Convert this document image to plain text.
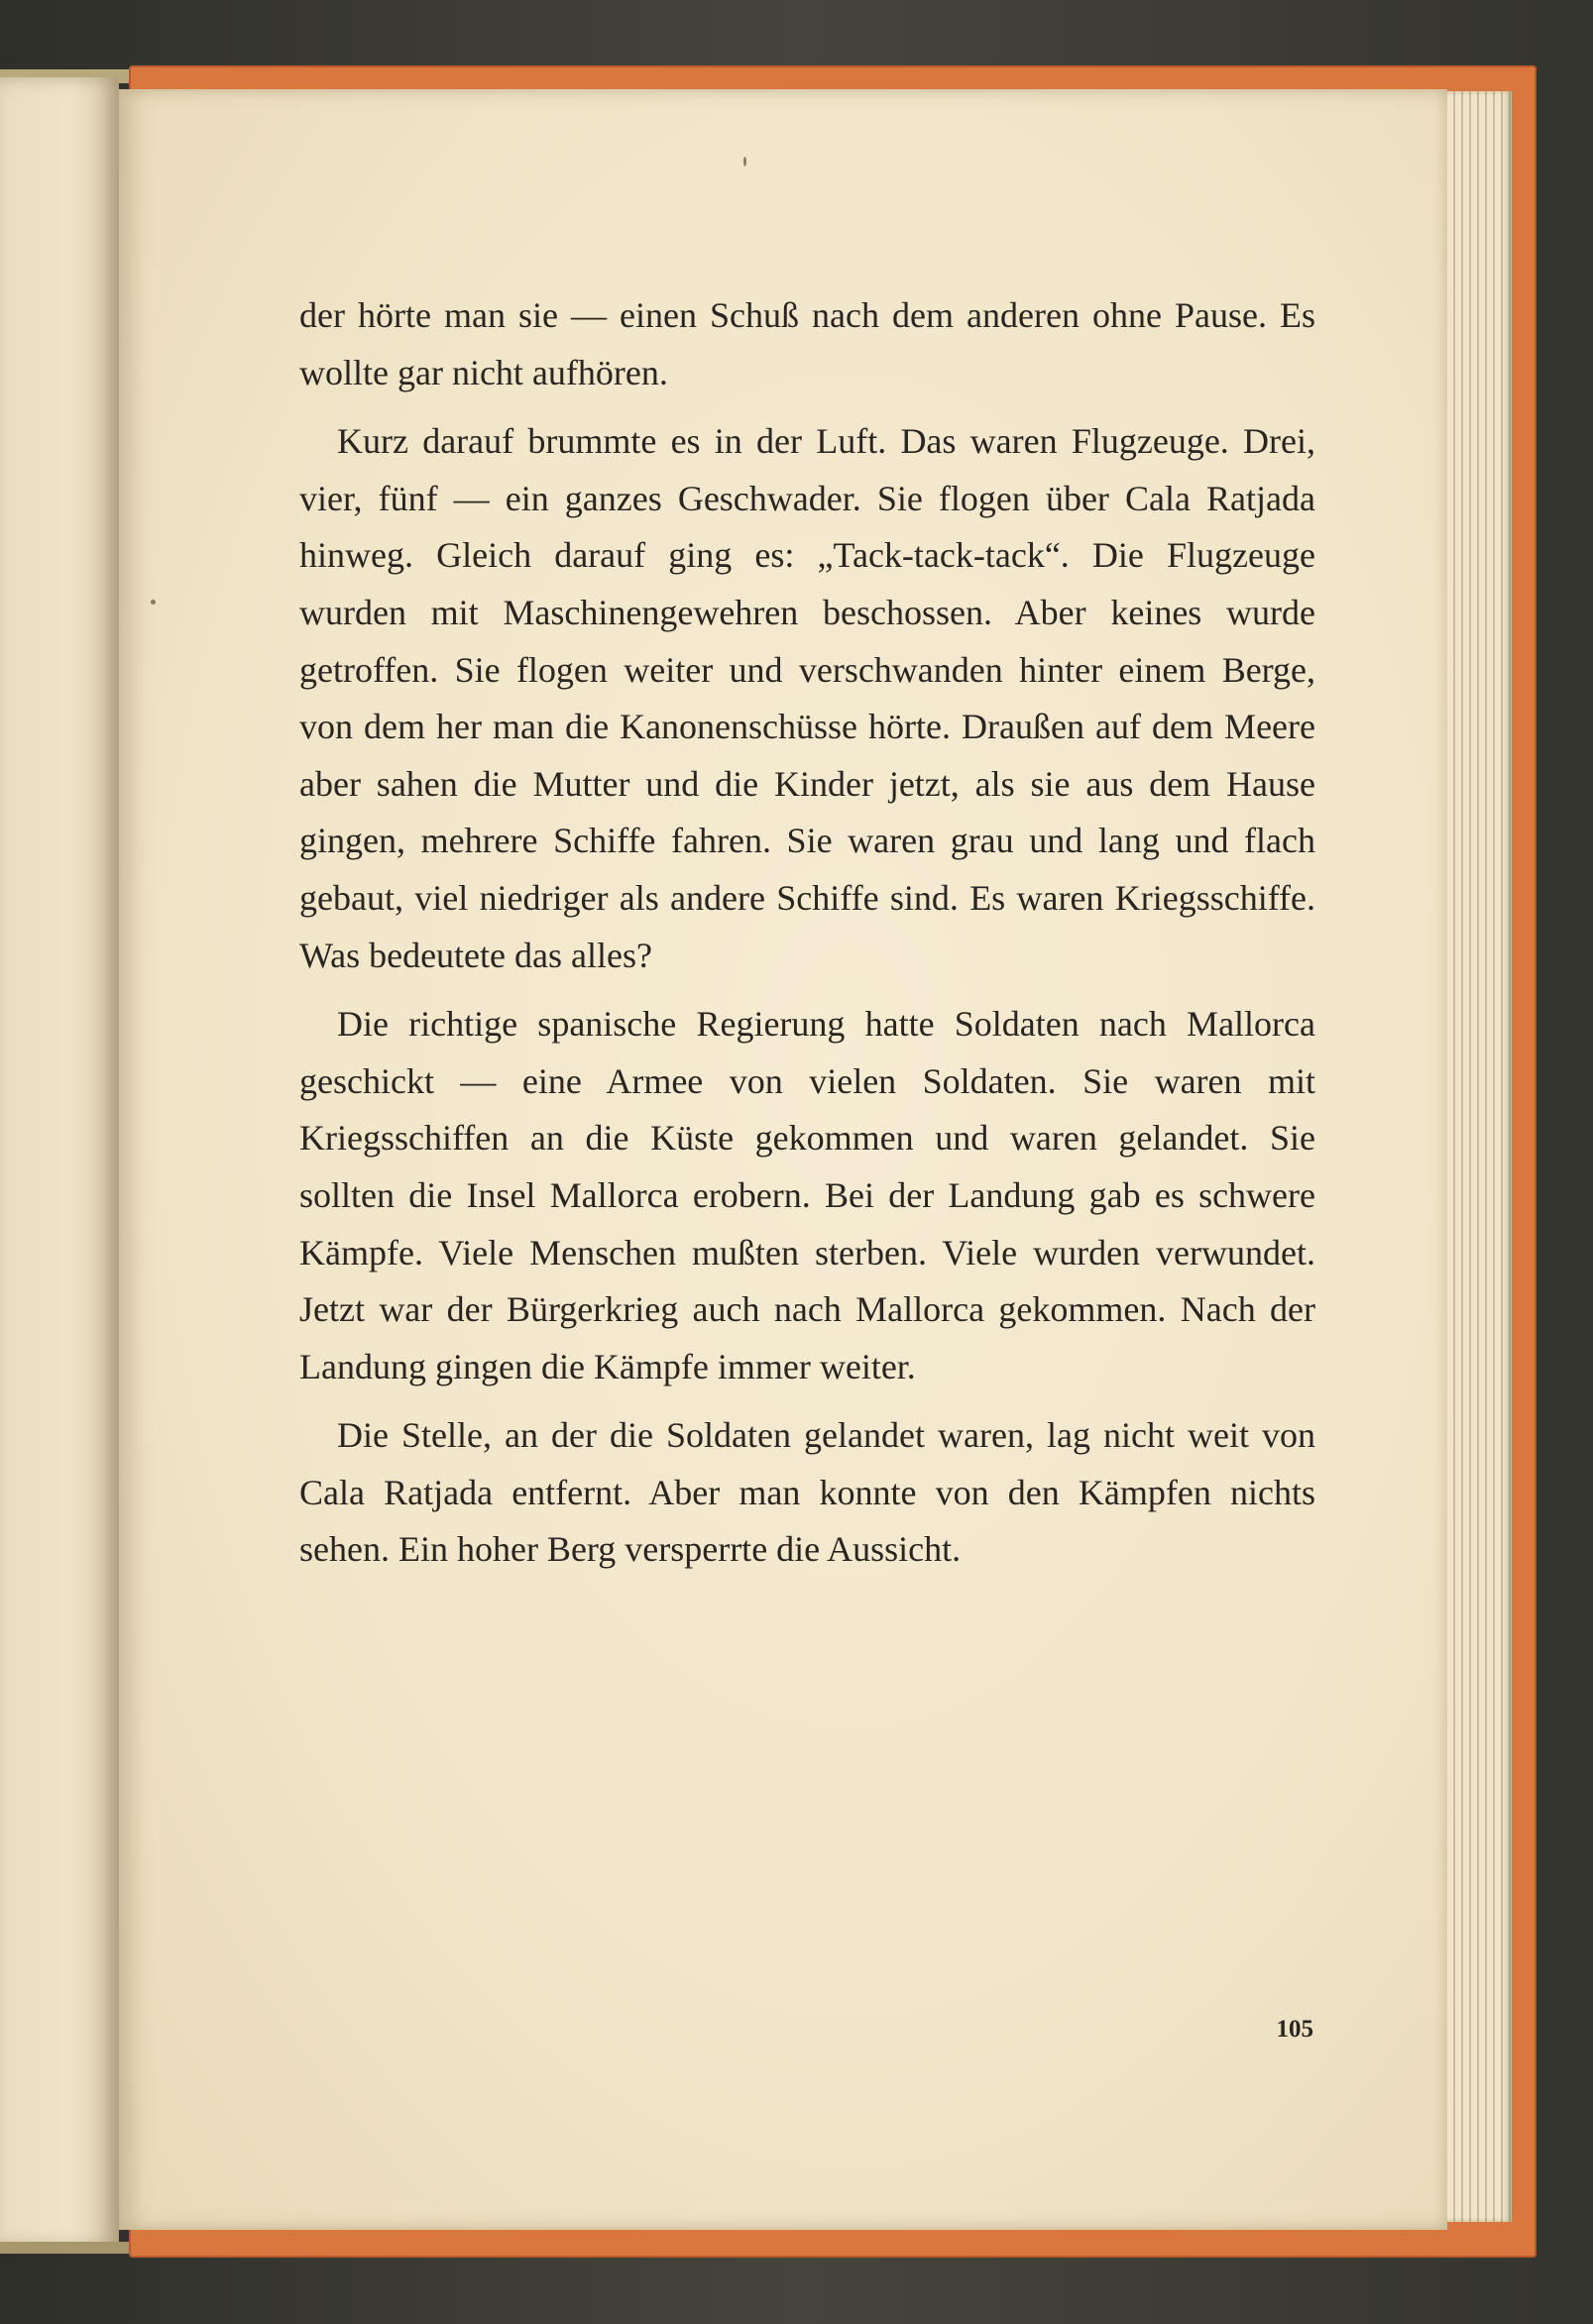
der hörte man sie — einen Schuß nach dem anderen ohne Pause. Es wollte gar nicht aufhören.

Kurz darauf brummte es in der Luft. Das waren Flugzeuge. Drei, vier, fünf — ein ganzes Geschwader. Sie flogen über Cala Ratjada hinweg. Gleich darauf ging es: „Tack-tack-tack“. Die Flugzeuge wurden mit Maschinengewehren beschossen. Aber keines wurde getroffen. Sie flogen weiter und verschwanden hinter einem Berge, von dem her man die Kanonenschüsse hörte. Draußen auf dem Meere aber sahen die Mutter und die Kinder jetzt, als sie aus dem Hause gingen, mehrere Schiffe fahren. Sie waren grau und lang und flach gebaut, viel niedriger als andere Schiffe sind. Es waren Kriegsschiffe. Was bedeutete das alles?

Die richtige spanische Regierung hatte Soldaten nach Mallorca geschickt — eine Armee von vielen Soldaten. Sie waren mit Kriegsschiffen an die Küste gekommen und waren gelandet. Sie sollten die Insel Mallorca erobern. Bei der Landung gab es schwere Kämpfe. Viele Menschen mußten sterben. Viele wurden verwundet. Jetzt war der Bürgerkrieg auch nach Mallorca gekommen. Nach der Landung gingen die Kämpfe immer weiter.

Die Stelle, an der die Soldaten gelandet waren, lag nicht weit von Cala Ratjada entfernt. Aber man konnte von den Kämpfen nichts sehen. Ein hoher Berg versperrte die Aussicht.

105
